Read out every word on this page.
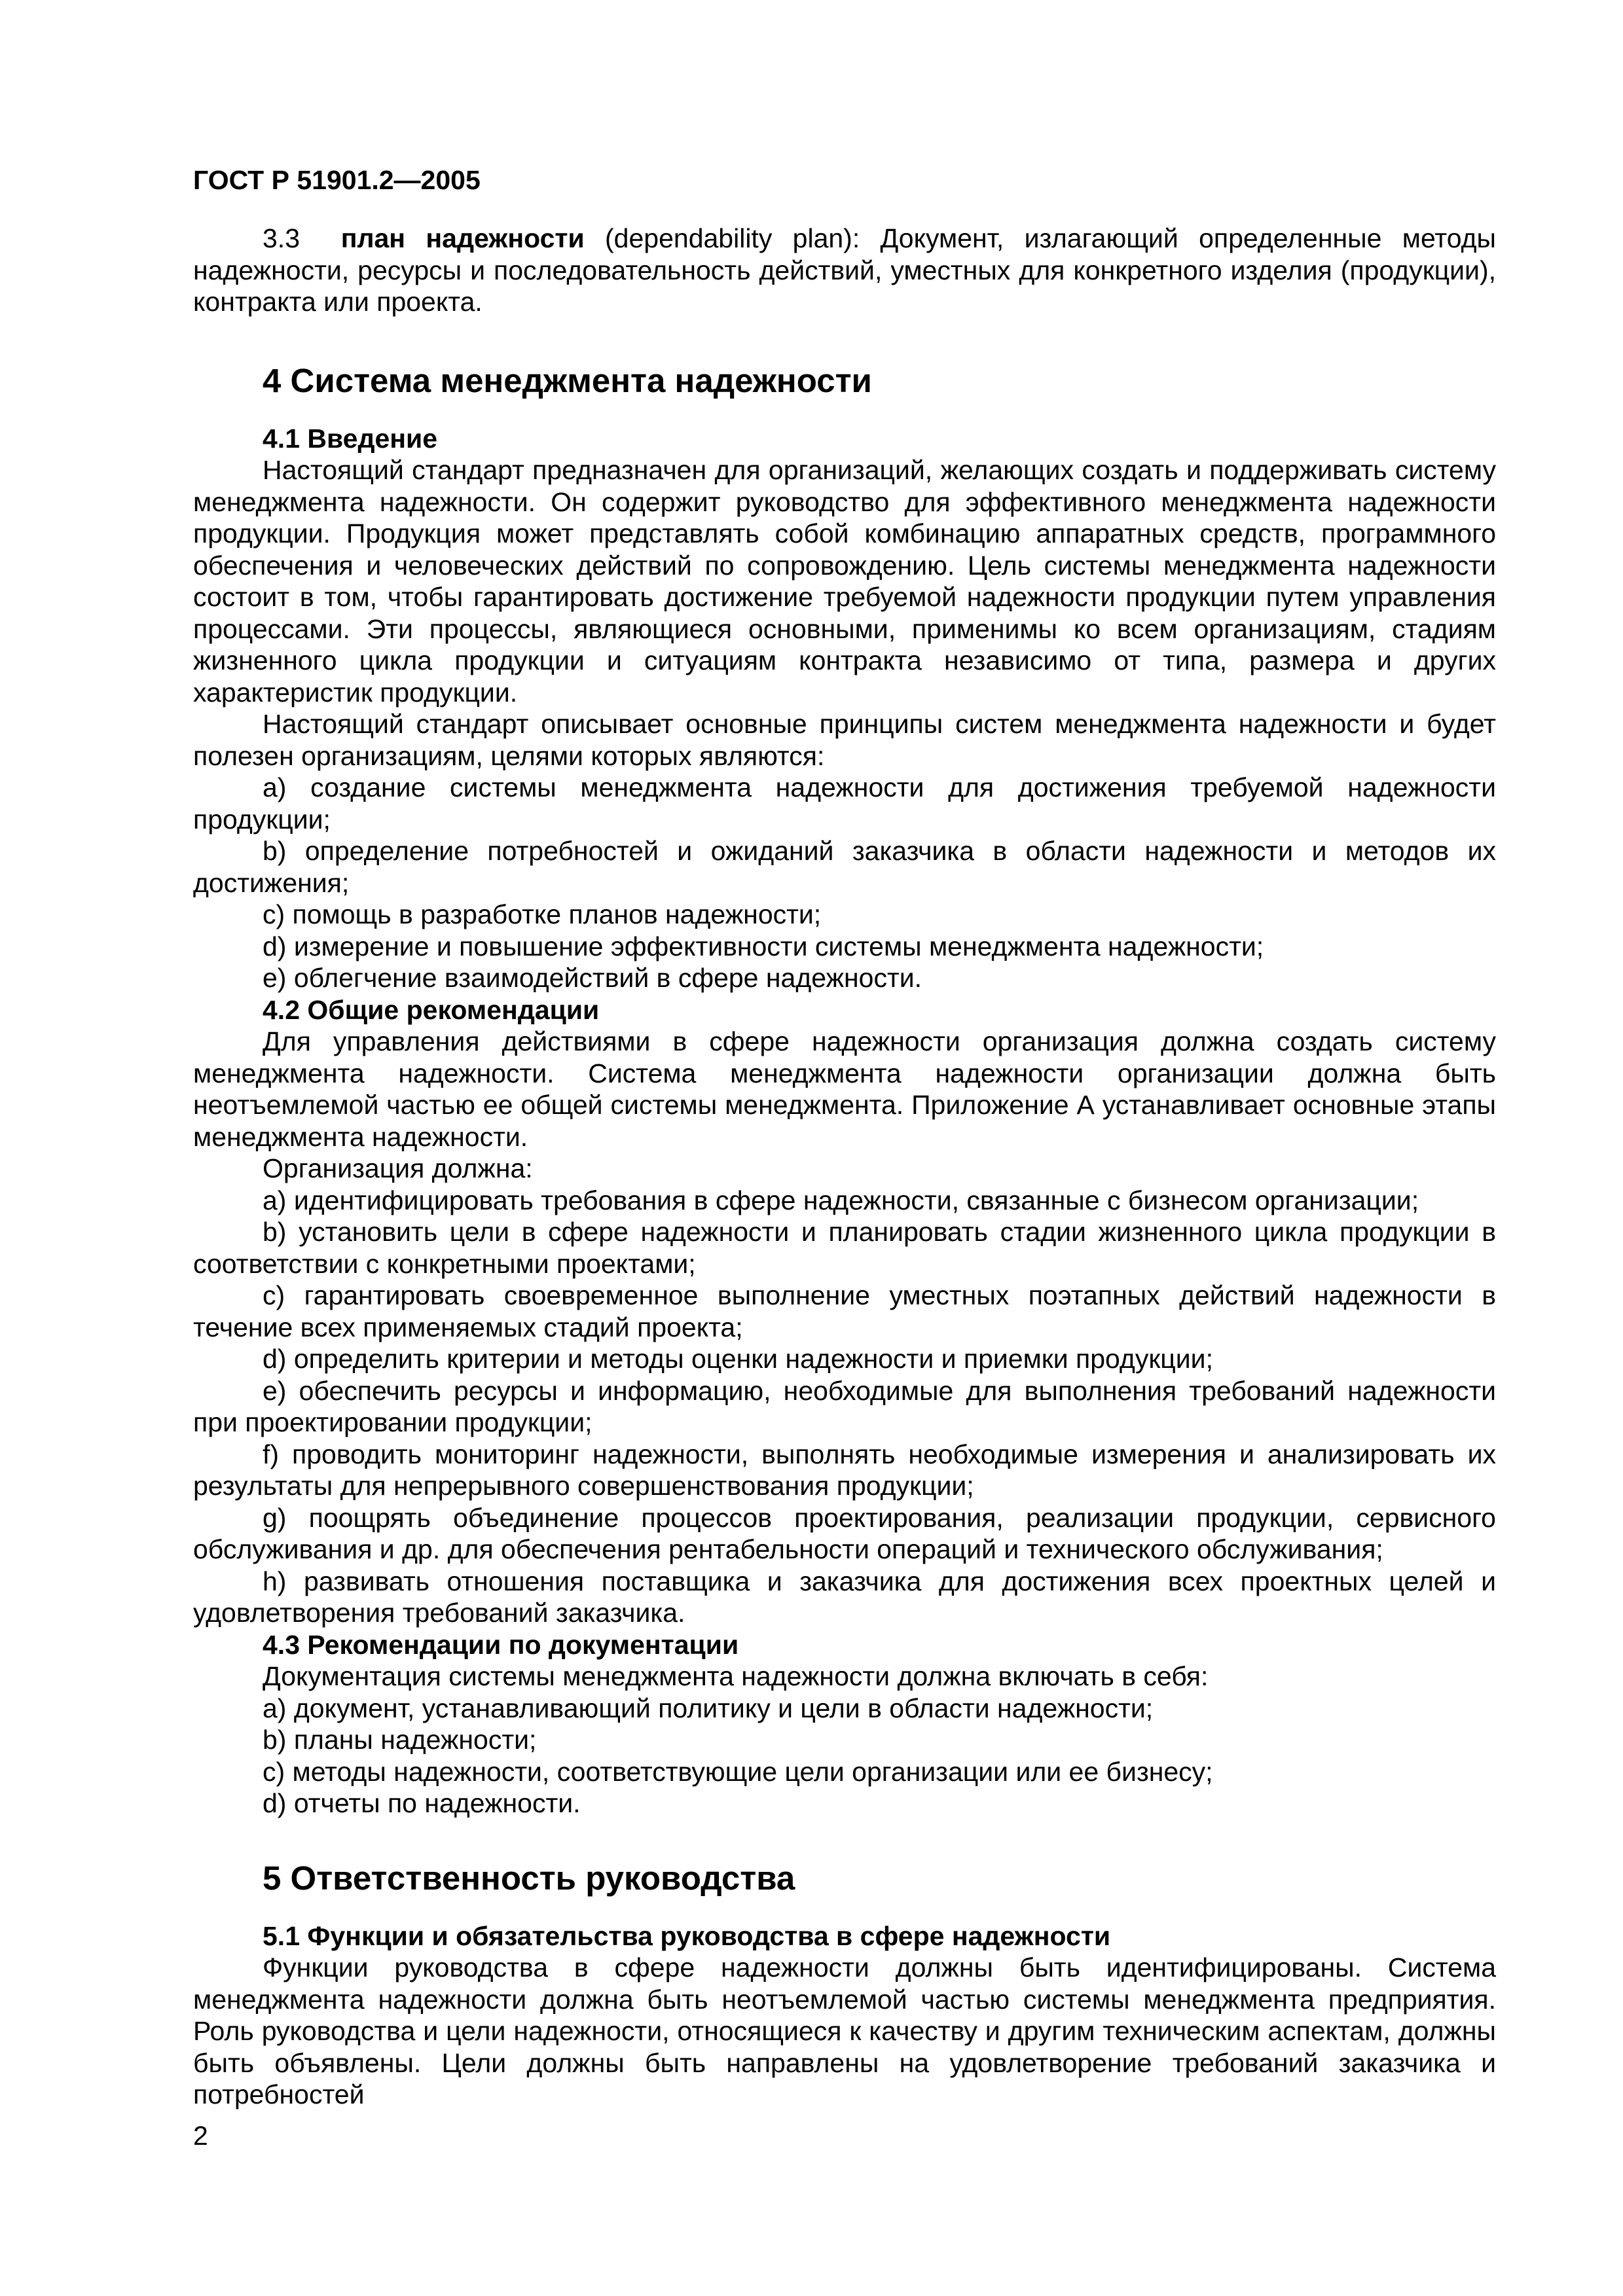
ГОСТ Р 51901.2—2005

3.3 план надежности (dependability plan): Документ, излагающий определенные методы надежности, ресурсы и последовательность действий, уместных для конкретного изделия (продукции), контракта или проекта.

4 Система менеджмента надежности
4.1 Введение

Настоящий стандарт предназначен для организаций, желающих создать и поддерживать систему менеджмента надежности. Он содержит руководство для эффективного менеджмента надежности продукции. Продукция может представлять собой комбинацию аппаратных средств, программного обеспечения и человеческих действий по сопровождению. Цель системы менеджмента надежности состоит в том, чтобы гарантировать достижение требуемой надежности продукции путем управления процессами. Эти процессы, являющиеся основными, применимы ко всем организациям, стадиям жизненного цикла продукции и ситуациям контракта независимо от типа, размера и других характеристик продукции.

Настоящий стандарт описывает основные принципы систем менеджмента надежности и будет полезен организациям, целями которых являются:

a) создание системы менеджмента надежности для достижения требуемой надежности продукции;

b) определение потребностей и ожиданий заказчика в области надежности и методов их достижения;

c) помощь в разработке планов надежности;

d) измерение и повышение эффективности системы менеджмента надежности;

e) облегчение взаимодействий в сфере надежности.

4.2 Общие рекомендации

Для управления действиями в сфере надежности организация должна создать систему менеджмента надежности. Система менеджмента надежности организации должна быть неотъемлемой частью ее общей системы менеджмента. Приложение А устанавливает основные этапы менеджмента надежности.

Организация должна:

a) идентифицировать требования в сфере надежности, связанные с бизнесом организации;

b) установить цели в сфере надежности и планировать стадии жизненного цикла продукции в соответствии с конкретными проектами;

c) гарантировать своевременное выполнение уместных поэтапных действий надежности в течение всех применяемых стадий проекта;

d) определить критерии и методы оценки надежности и приемки продукции;

e) обеспечить ресурсы и информацию, необходимые для выполнения требований надежности при проектировании продукции;

f) проводить мониторинг надежности, выполнять необходимые измерения и анализировать их результаты для непрерывного совершенствования продукции;

g) поощрять объединение процессов проектирования, реализации продукции, сервисного обслуживания и др. для обеспечения рентабельности операций и технического обслуживания;

h) развивать отношения поставщика и заказчика для достижения всех проектных целей и удовлетворения требований заказчика.

4.3 Рекомендации по документации

Документация системы менеджмента надежности должна включать в себя:

a) документ, устанавливающий политику и цели в области надежности;

b) планы надежности;

c) методы надежности, соответствующие цели организации или ее бизнесу;

d) отчеты по надежности.

5 Ответственность руководства
5.1 Функции и обязательства руководства в сфере надежности

Функции руководства в сфере надежности должны быть идентифицированы. Система менеджмента надежности должна быть неотъемлемой частью системы менеджмента предприятия. Роль руководства и цели надежности, относящиеся к качеству и другим техническим аспектам, должны быть объявлены. Цели должны быть направлены на удовлетворение требований заказчика и потребностей

2
